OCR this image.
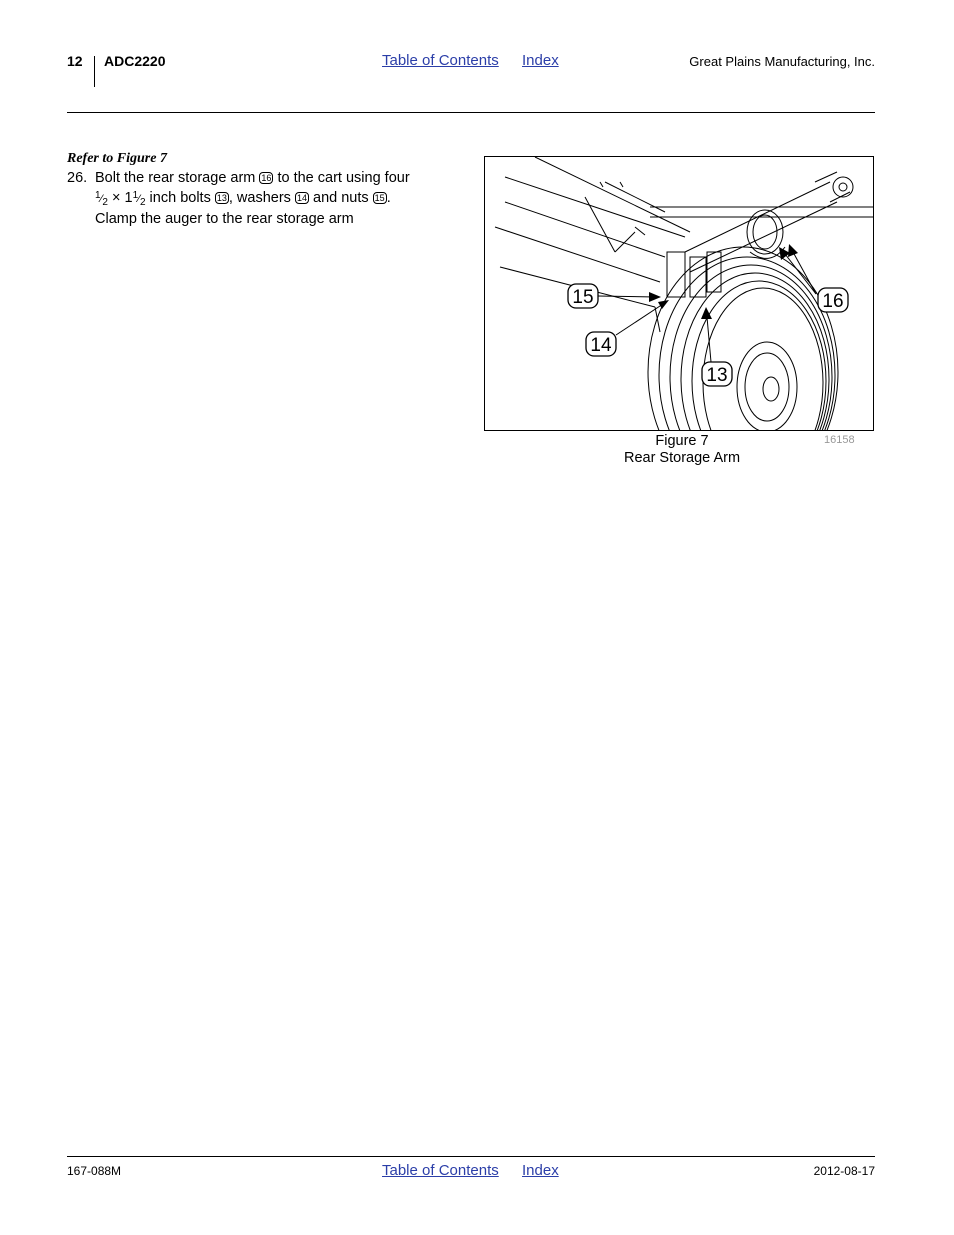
12 ADC2220	Table of Contents Index	Great Plains Manufacturing, Inc.
Refer to Figure 7
26. Bolt the rear storage arm 16 to the cart using four
$^1⁄_2$ × $1^1⁄_2$ inch bolts 13 , washers 14 and nuts 15 .
Clamp the auger to the rear storage arm
15	16
14
13
Figure 7
Rear Storage Arm
16158
167-088M	Table of Contents Index	2012-08-17
